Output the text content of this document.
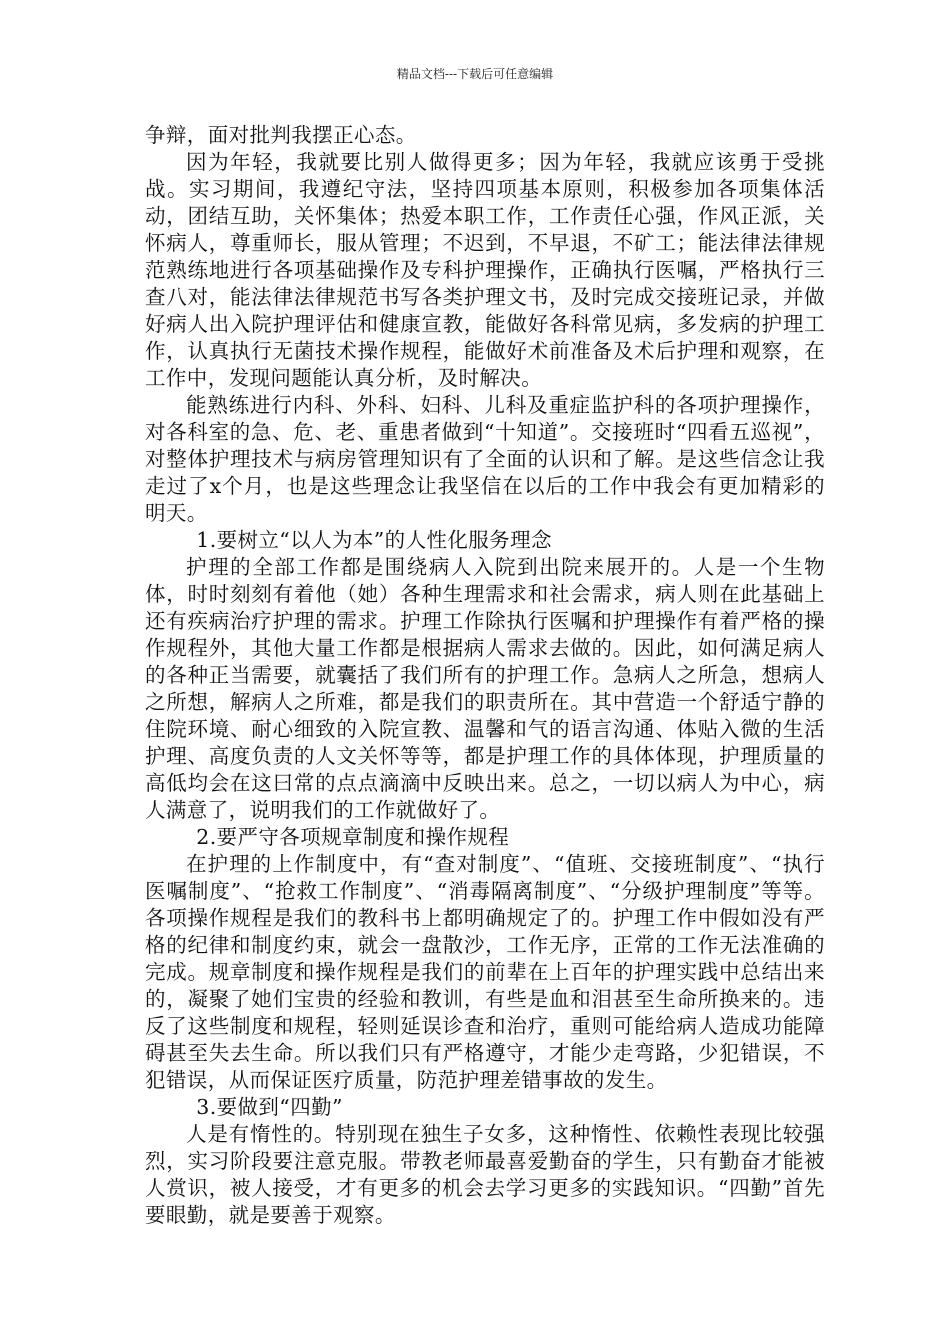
精品文档---下载后可任意编辑

争辩，面对批判我摆正心态。

因为年轻，我就要比别人做得更多；因为年轻，我就应该勇于受挑战。实习期间，我遵纪守法，坚持四项基本原则，积极参加各项集体活动，团结互助，关怀集体；热爱本职工作，工作责任心强，作风正派，关怀病人，尊重师长，服从管理；不迟到，不早退，不矿工；能法律法律规范熟练地进行各项基础操作及专科护理操作，正确执行医嘱，严格执行三查八对，能法律法律规范书写各类护理文书，及时完成交接班记录，并做好病人出入院护理评估和健康宣教，能做好各科常见病，多发病的护理工作，认真执行无菌技术操作规程，能做好术前准备及术后护理和观察，在工作中，发现问题能认真分析，及时解决。

能熟练进行内科、外科、妇科、儿科及重症监护科的各项护理操作，对各科室的急、危、老、重患者做到“十知道”。交接班时“四看五巡视”，对整体护理技术与病房管理知识有了全面的认识和了解。是这些信念让我走过了x个月，也是这些理念让我坚信在以后的工作中我会有更加精彩的明天。

1.要树立“以人为本”的人性化服务理念

护理的全部工作都是围绕病人入院到出院来展开的。人是一个生物体，时时刻刻有着他（她）各种生理需求和社会需求，病人则在此基础上还有疾病治疗护理的需求。护理工作除执行医嘱和护理操作有着严格的操作规程外，其他大量工作都是根据病人需求去做的。因此，如何满足病人的各种正当需要，就囊括了我们所有的护理工作。急病人之所急，想病人之所想，解病人之所难，都是我们的职责所在。其中营造一个舒适宁静的住院环境、耐心细致的入院宣教、温馨和气的语言沟通、体贴入微的生活护理、高度负责的人文关怀等等，都是护理工作的具体体现，护理质量的高低均会在这曰常的点点滴滴中反映出来。总之，一切以病人为中心，病人满意了，说明我们的工作就做好了。

2.要严守各项规章制度和操作规程

在护理的上作制度中，有“查对制度”、“值班、交接班制度”、“执行医嘱制度”、“抢救工作制度”、“消毒隔离制度”、“分级护理制度”等等。各项操作规程是我们的教科书上都明确规定了的。护理工作中假如没有严格的纪律和制度约束，就会一盘散沙，工作无序，正常的工作无法准确的完成。规章制度和操作规程是我们的前辈在上百年的护理实践中总结出来的，凝聚了她们宝贵的经验和教训，有些是血和泪甚至生命所换来的。违反了这些制度和规程，轻则延误诊查和治疗，重则可能给病人造成功能障碍甚至失去生命。所以我们只有严格遵守，才能少走弯路，少犯错误，不犯错误，从而保证医疗质量，防范护理差错事故的发生。

3.要做到“四勤”

人是有惰性的。特别现在独生子女多，这种惰性、依赖性表现比较强烈，实习阶段要注意克服。带教老师最喜爱勤奋的学生，只有勤奋才能被人赏识，被人接受，才有更多的机会去学习更多的实践知识。“四勤”首先要眼勤，就是要善于观察。
